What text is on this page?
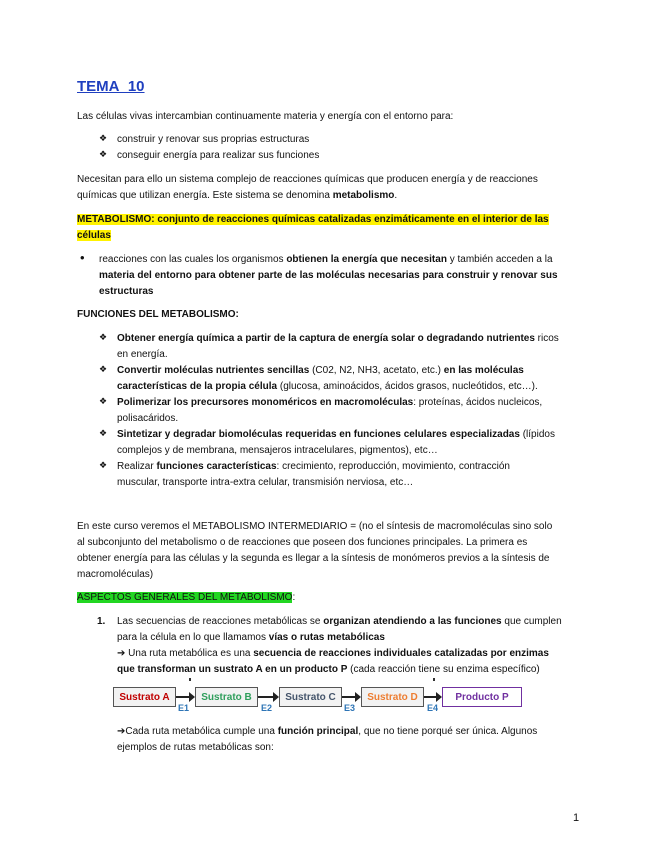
TEMA_10
Las células vivas intercambian continuamente materia y energía con el entorno para:
❖ construir y renovar sus proprias estructuras
❖ conseguir energía para realizar sus funciones
Necesitan para ello un sistema complejo de reacciones químicas que producen energía y de reacciones
químicas que utilizan energía. Este sistema se denomina metabolismo.
METABOLISMO: conjunto de reacciones químicas catalizadas enzimáticamente en el interior de las
células
• reacciones con las cuales los organismos obtienen la energía que necesitan y también acceden a la
materia del entorno para obtener parte de las moléculas necesarias para construir y renovar sus
estructuras
FUNCIONES DEL METABOLISMO:
❖ Obtener energía química a partir de la captura de energía solar o degradando nutrientes ricos
en energía.
❖ Convertir moléculas nutrientes sencillas (C02, N2, NH3, acetato, etc.) en las moléculas
características de la propia célula (glucosa, aminoácidos, ácidos grasos, nucleótidos, etc…).
❖ Polimerizar los precursores monoméricos en macromoléculas: proteínas, ácidos nucleicos,
polisacáridos.
❖ Sintetizar y degradar biomoléculas requeridas en funciones celulares especializadas (lípidos
complejos y de membrana, mensajeros intracelulares, pigmentos), etc…
❖ Realizar funciones características: crecimiento, reproducción, movimiento, contracción
muscular, transporte intra-extra celular, transmisión nerviosa, etc…
En este curso veremos el METABOLISMO INTERMEDIARIO = (no el síntesis de macromoléculas sino solo
al subconjunto del metabolismo o de reacciones que poseen dos funciones principales. La primera es
obtener energía para las células y la segunda es llegar a la síntesis de monómeros previos a la síntesis de
macromoléculas)
ASPECTOS GENERALES DEL METABOLISMO:
1. Las secuencias de reacciones metabólicas se organizan atendiendo a las funciones que cumplen
para la célula en lo que llamamos vías o rutas metabólicas
➔ Una ruta metabólica es una secuencia de reacciones individuales catalizadas por enzimas
que transforman un sustrato A en un producto P (cada reacción tiene su enzima específico)
Sustrato A	Sustrato B	Sustrato C	Sustrato D	Producto P
E1	E2	E3	E4
➔Cada ruta metabólica cumple una función principal, que no tiene porqué ser única. Algunos
ejemplos de rutas metabólicas son:
1
